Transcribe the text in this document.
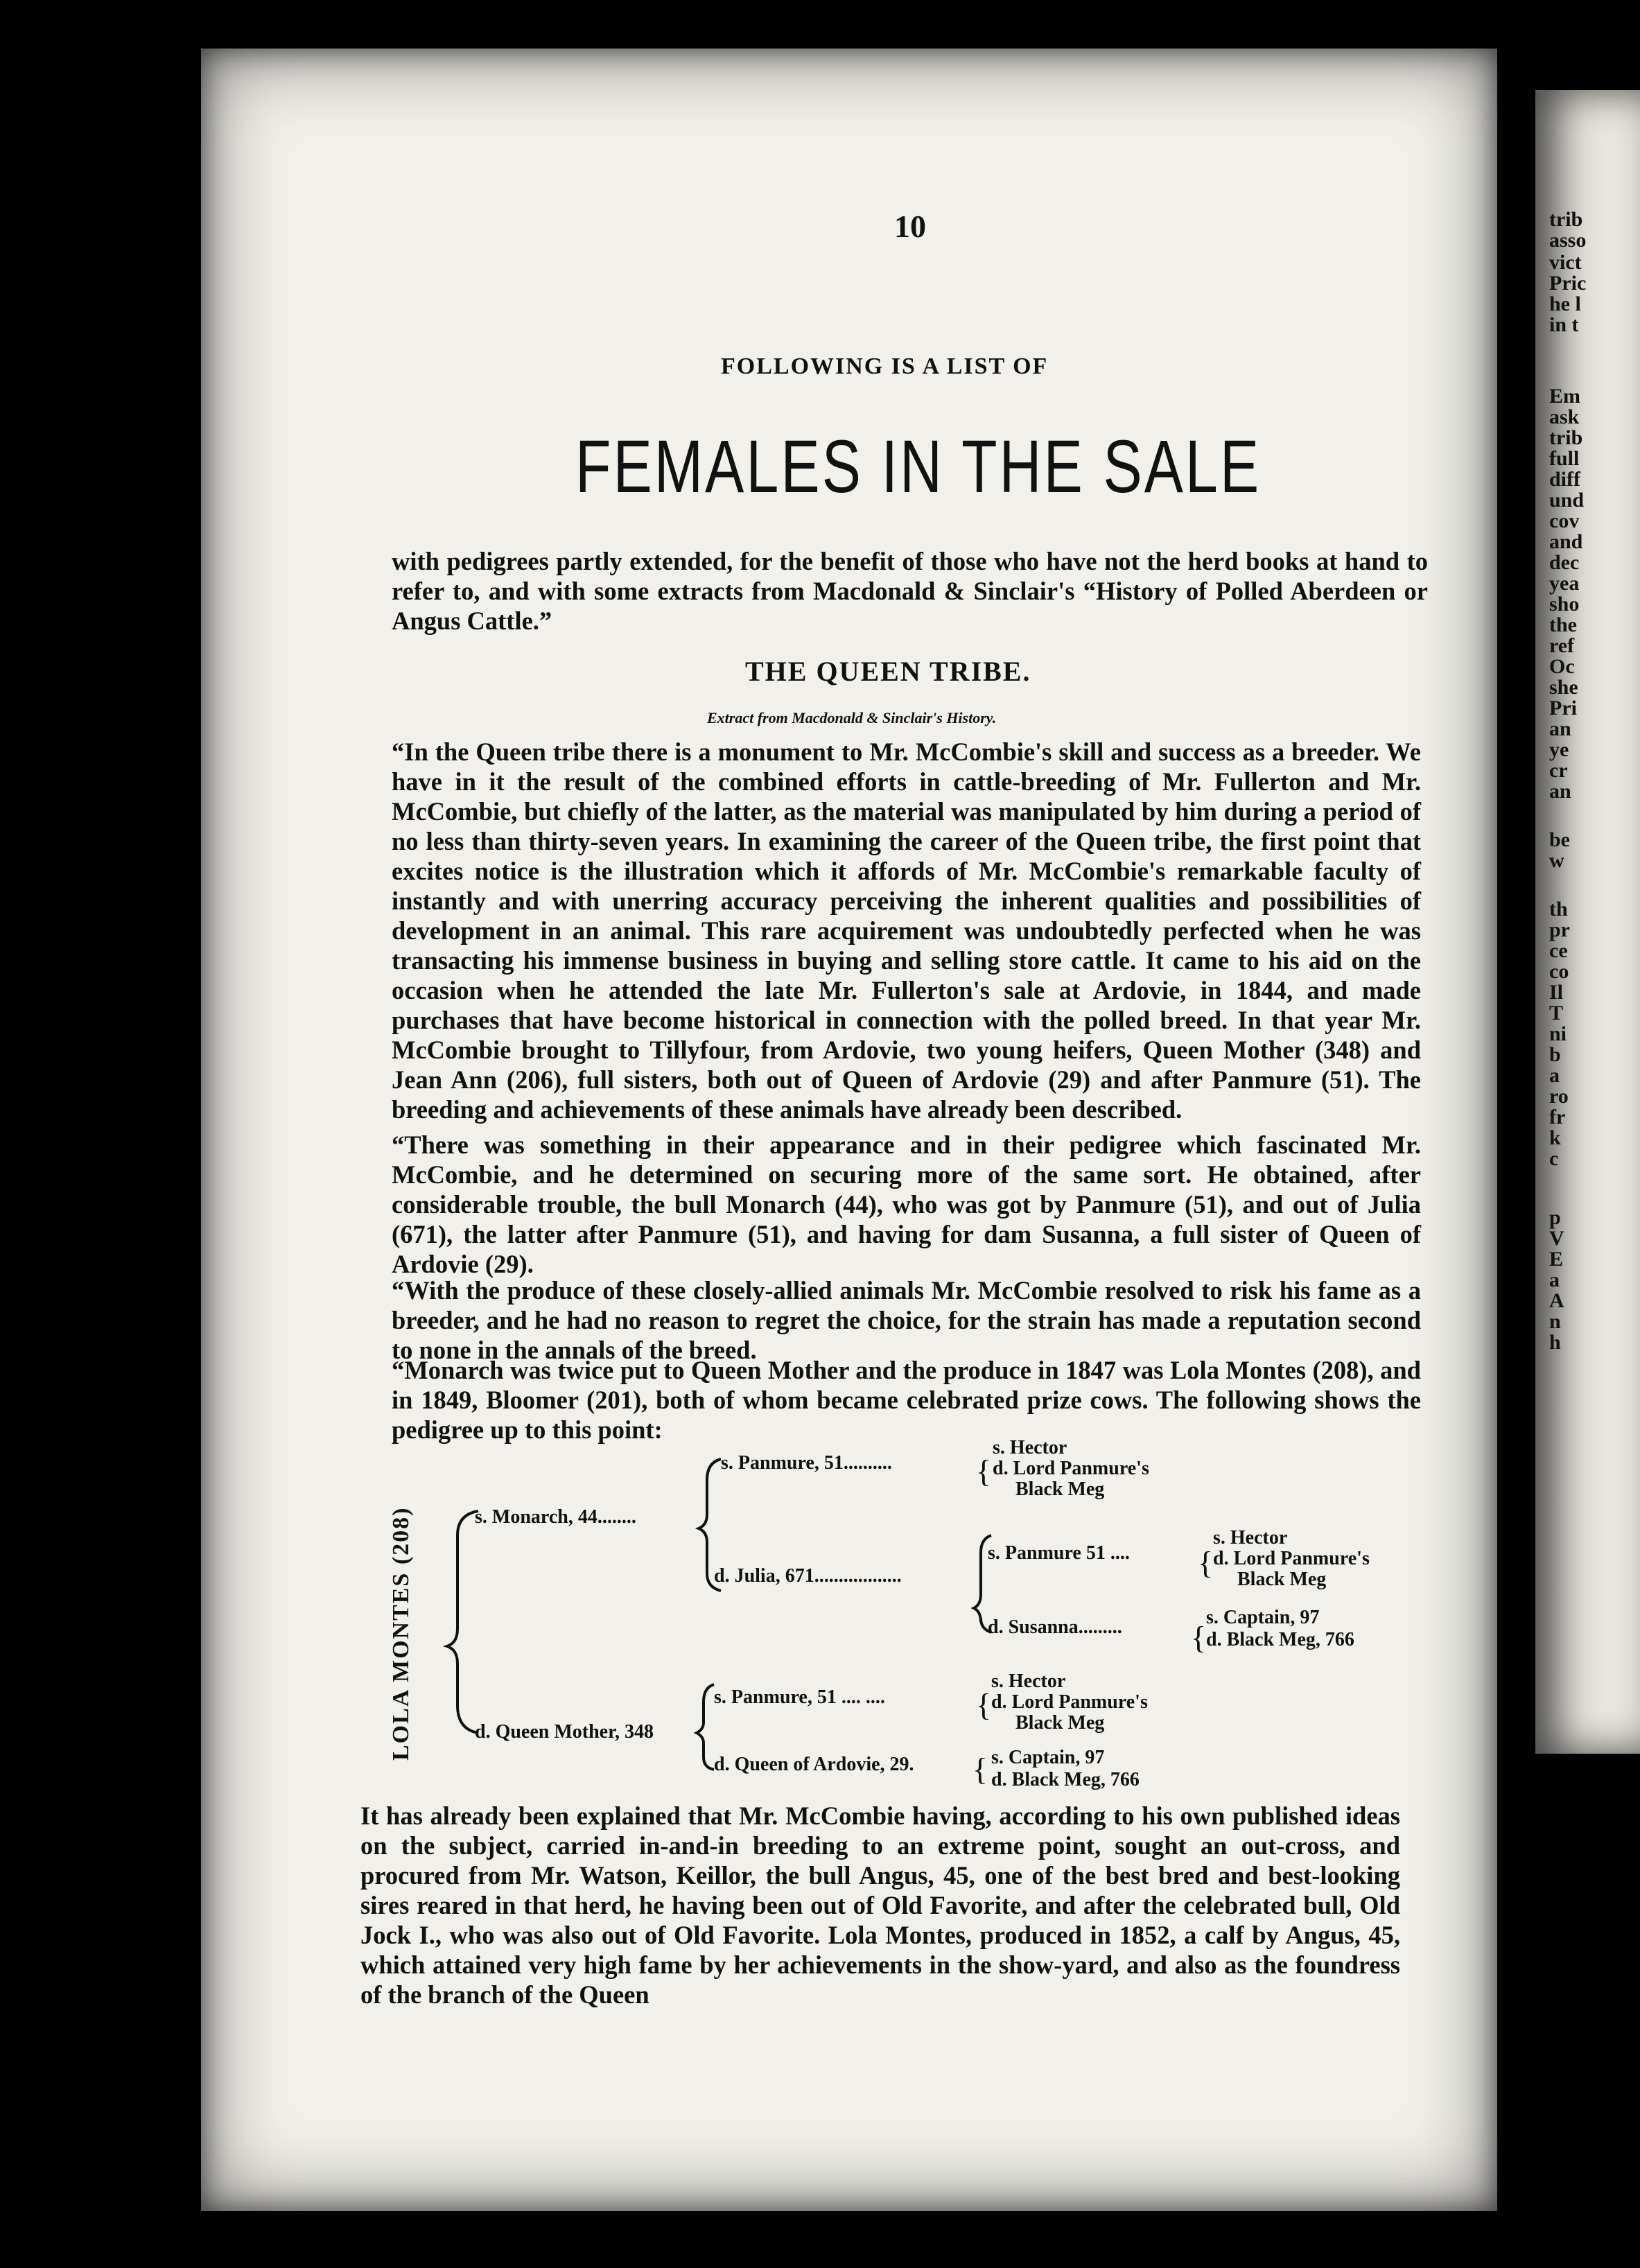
trib
asso
vict
Pric
he l
in t
Em
ask
trib
full
diff
und
cov
and
dec
yea
sho
the
ref
Oc
she
Pri
an
ye
cr
an
be
w
th
pr
ce
co
Il
T
ni
b
a
ro
fr
k
c
p
V
E
a
A
n
h
10
FOLLOWING IS A LIST OF
FEMALES IN THE SALE

with pedigrees partly extended, for the benefit of those who have not the herd books at hand to refer to, and with some extracts from Macdonald & Sinclair's “History of Polled Aberdeen or Angus Cattle.”

THE QUEEN TRIBE.
Extract from Macdonald & Sinclair's History.

“In the Queen tribe there is a monument to Mr. McCombie's skill and success as a breeder. We have in it the result of the combined efforts in cattle-breeding of Mr. Fullerton and Mr. McCombie, but chiefly of the latter, as the material was manipulated by him during a period of no less than thirty-seven years. In examining the career of the Queen tribe, the first point that excites notice is the illustration which it affords of Mr. McCombie's remarkable faculty of instantly and with unerring accuracy perceiving the inherent qualities and possibilities of development in an animal. This rare acquirement was undoubtedly perfected when he was transacting his immense business in buying and selling store cattle. It came to his aid on the occasion when he attended the late Mr. Fullerton's sale at Ardovie, in 1844, and made purchases that have become historical in connection with the polled breed. In that year Mr. McCombie brought to Tillyfour, from Ardovie, two young heifers, Queen Mother (348) and Jean Ann (206), full sisters, both out of Queen of Ardovie (29) and after Panmure (51). The breeding and achievements of these animals have already been described.

“There was something in their appearance and in their pedigree which fascinated Mr. McCombie, and he determined on securing more of the same sort. He obtained, after considerable trouble, the bull Monarch (44), who was got by Panmure (51), and out of Julia (671), the latter after Panmure (51), and having for dam Susanna, a full sister of Queen of Ardovie (29).

“With the produce of these closely-allied animals Mr. McCombie resolved to risk his fame as a breeder, and he had no reason to regret the choice, for the strain has made a reputation second to none in the annals of the breed.

“Monarch was twice put to Queen Mother and the produce in 1847 was Lola Montes (208), and in 1849, Bloomer (201), both of whom became celebrated prize cows. The following shows the pedigree up to this point:

LOLA MONTES (208)
{
{
{
{
{
s. Monarch, 44........
s. Panmure, 51..........
s. Hector
d. Lord Panmure's
Black Meg
d. Julia, 671..................
s. Panmure 51 ....
s. Hector
d. Lord Panmure's
Black Meg
d. Susanna.........	s. Captain, 97
d. Black Meg, 766
d. Queen Mother, 348
s. Panmure, 51 .... ....
s. Hector
d. Lord Panmure's
Black Meg
d. Queen of Ardovie, 29.	s. Captain, 97
d. Black Meg, 766

It has already been explained that Mr. McCombie having, according to his own published ideas on the subject, carried in-and-in breeding to an extreme point, sought an out-cross, and procured from Mr. Watson, Keillor, the bull Angus, 45, one of the best bred and best-looking sires reared in that herd, he having been out of Old Favorite, and after the celebrated bull, Old Jock I., who was also out of Old Favorite. Lola Montes, produced in 1852, a calf by Angus, 45, which attained very high fame by her achievements in the show-yard, and also as the foundress of the branch of the Queen
